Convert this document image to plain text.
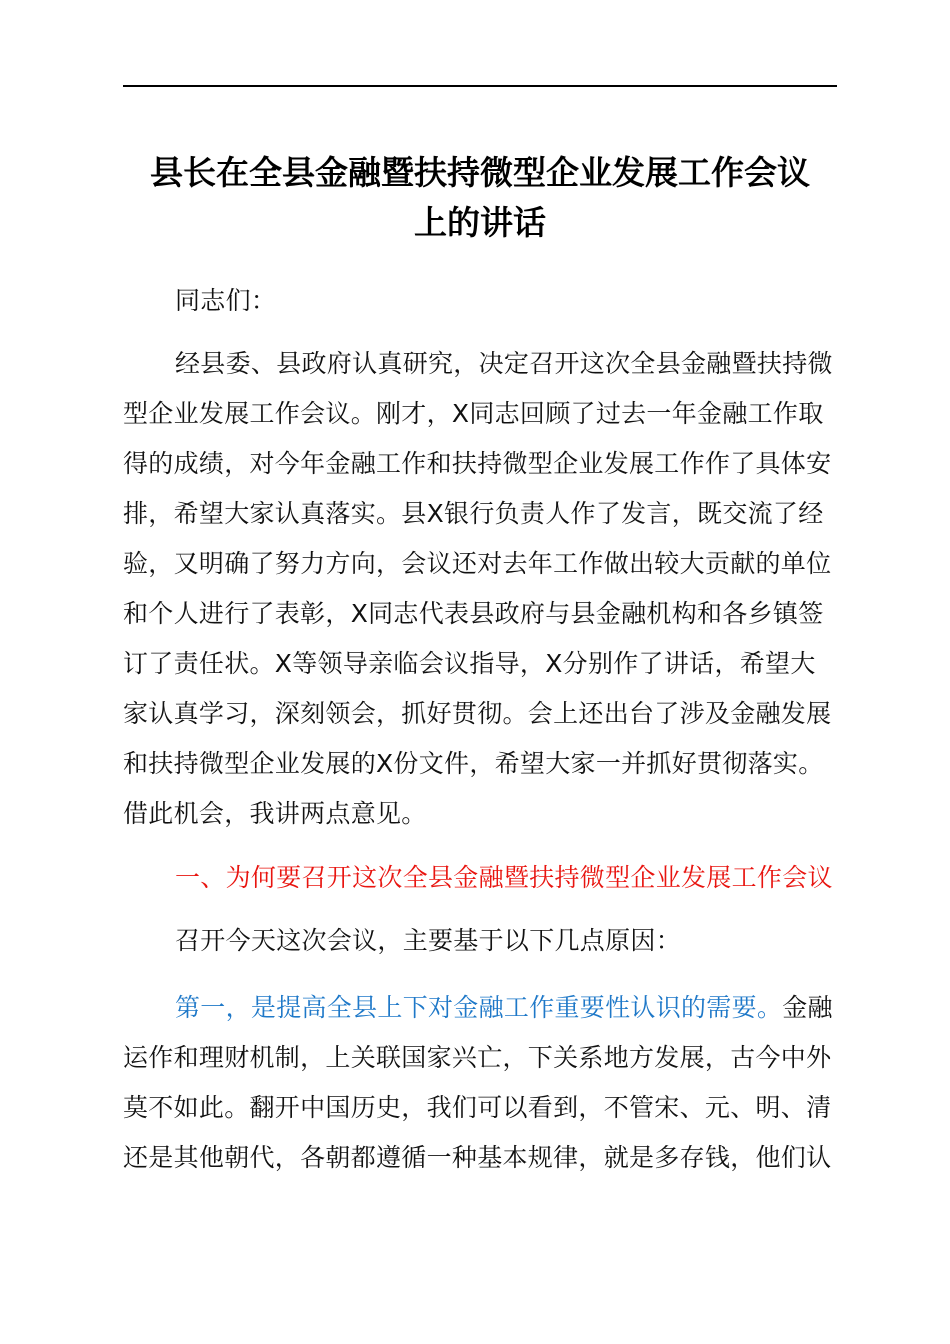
县长在全县金融暨扶持微型企业发展工作会议
上的讲话

同志们：

经县委、县政府认真研究，决定召开这次全县金融暨扶持微型企业发展工作会议。刚才，X同志回顾了过去一年金融工作取得的成绩，对今年金融工作和扶持微型企业发展工作作了具体安排，希望大家认真落实。县X银行负责人作了发言，既交流了经验，又明确了努力方向，会议还对去年工作做出较大贡献的单位和个人进行了表彰，X同志代表县政府与县金融机构和各乡镇签订了责任状。X等领导亲临会议指导，X分别作了讲话，希望大家认真学习，深刻领会，抓好贯彻。会上还出台了涉及金融发展和扶持微型企业发展的X份文件，希望大家一并抓好贯彻落实。借此机会，我讲两点意见。

一、为何要召开这次全县金融暨扶持微型企业发展工作会议

召开今天这次会议，主要基于以下几点原因：

第一，是提高全县上下对金融工作重要性认识的需要。金融运作和理财机制，上关联国家兴亡，下关系地方发展，古今中外莫不如此。翻开中国历史，我们可以看到，不管宋、元、明、清还是其他朝代，各朝都遵循一种基本规律，就是多存钱，他们认
